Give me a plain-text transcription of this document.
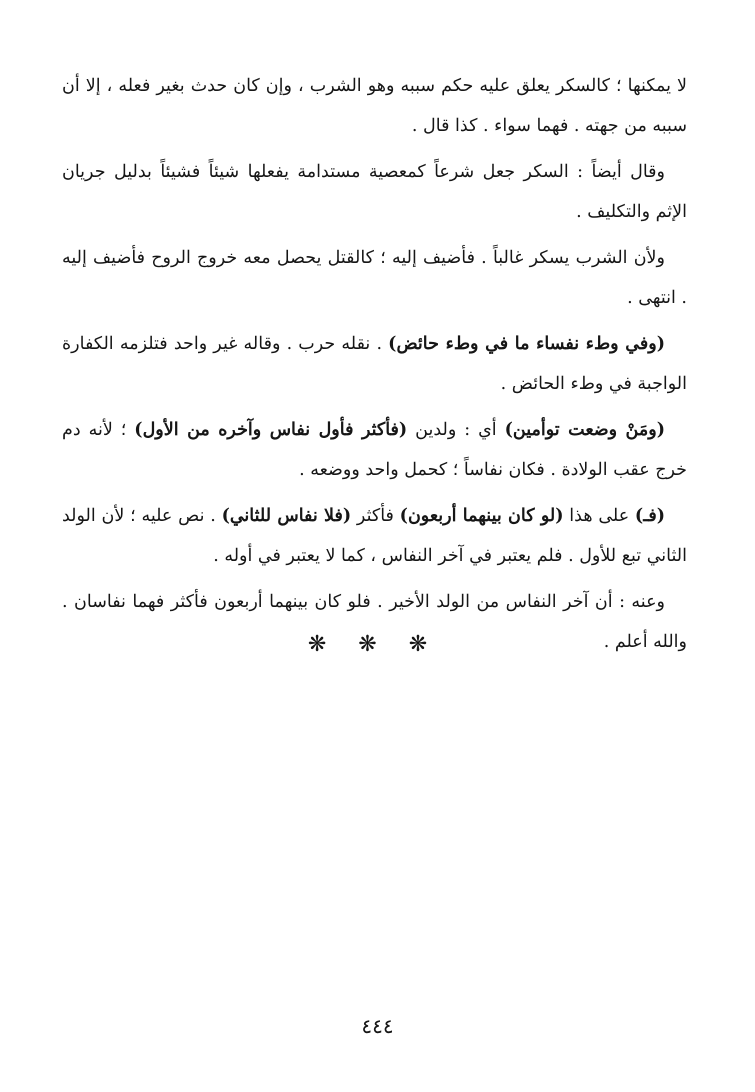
لا يمكنها ؛ كالسكر يعلق عليه حكم سببه وهو الشرب ، وإن كان حدث بغير فعله ، إلا أن سببه من جهته . فهما سواء . كذا قال .

وقال أيضاً : السكر جعل شرعاً كمعصية مستدامة يفعلها شيئاً فشيئاً بدليل جريان الإثم والتكليف .

ولأن الشرب يسكر غالباً . فأضيف إليه ؛ كالقتل يحصل معه خروج الروح فأضيف إليه . انتهى .

(وفي وطء نفساء ما في وطء حائض) . نقله حرب . وقاله غير واحد فتلزمه الكفارة الواجبة في وطء الحائض .

(ومَنْ وضعت توأمين) أي : ولدين (فأكثر فأول نفاس وآخره من الأول) ؛ لأنه دم خرج عقب الولادة . فكان نفاساً ؛ كحمل واحد ووضعه .

(فـ) على هذا (لو كان بينهما أربعون) فأكثر (فلا نفاس للثاني) . نص عليه ؛ لأن الولد الثاني تبع للأول . فلم يعتبر في آخر النفاس ، كما لا يعتبر في أوله .

وعنه : أن آخر النفاس من الولد الأخير . فلو كان بينهما أربعون فأكثر فهما نفاسان . والله أعلم .

❋ ❋ ❋
٤٤٤
